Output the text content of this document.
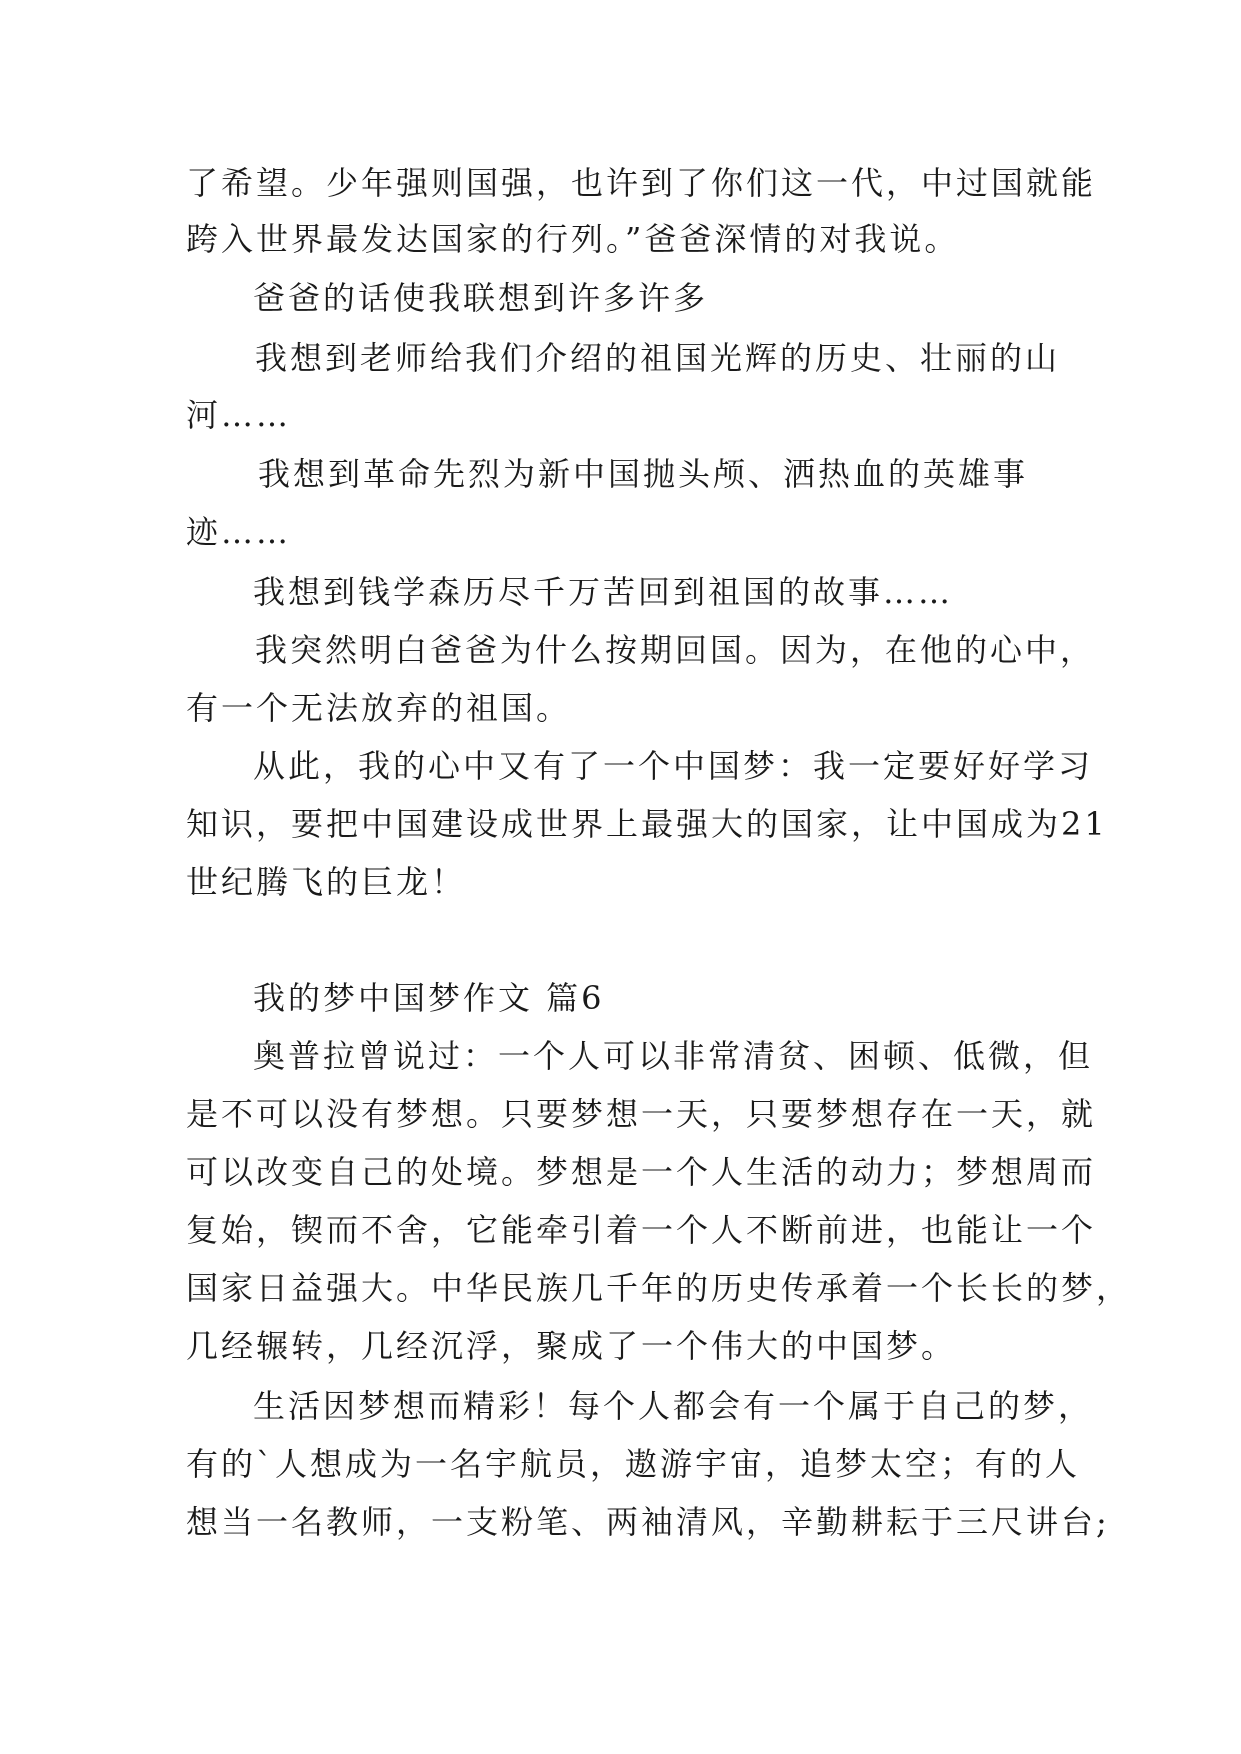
了希望。少年强则国强，也许到了你们这一代，中过国就能
跨入世界最发达国家的行列。”爸爸深情的对我说。
爸爸的话使我联想到许多许多
我想到老师给我们介绍的祖国光辉的历史、壮丽的山
河……
我想到革命先烈为新中国抛头颅、洒热血的英雄事
迹……
我想到钱学森历尽千万苦回到祖国的故事……
我突然明白爸爸为什么按期回国。因为，在他的心中，
有一个无法放弃的祖国。
从此，我的心中又有了一个中国梦：我一定要好好学习
知识，要把中国建设成世界上最强大的国家，让中国成为21
世纪腾飞的巨龙！
我的梦中国梦作文 篇6
奥普拉曾说过：一个人可以非常清贫、困顿、低微，但
是不可以没有梦想。只要梦想一天，只要梦想存在一天，就
可以改变自己的处境。梦想是一个人生活的动力；梦想周而
复始，锲而不舍，它能牵引着一个人不断前进，也能让一个
国家日益强大。中华民族几千年的历史传承着一个长长的梦，
几经辗转，几经沉浮，聚成了一个伟大的中国梦。
生活因梦想而精彩！每个人都会有一个属于自己的梦，
有的`人想成为一名宇航员，遨游宇宙，追梦太空；有的人
想当一名教师，一支粉笔、两袖清风，辛勤耕耘于三尺讲台;
